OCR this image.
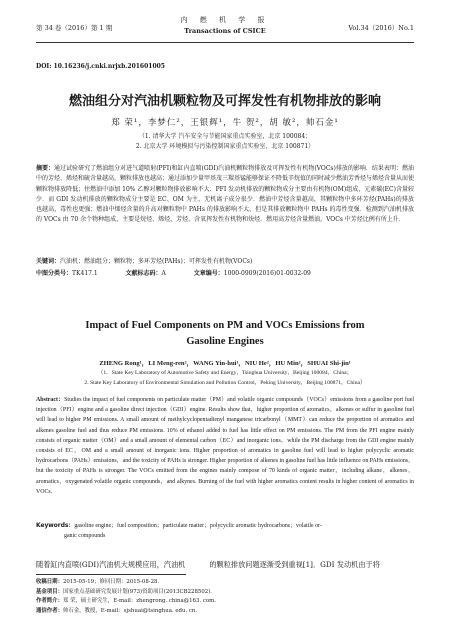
第 34 卷（2016）第 1 期
内 燃 机 学 报
Transactions of CSICE	Vol.34（2016）No.1
DOI: 10.16236/j.cnki.nrjxb.201601005
燃油组分对汽油机颗粒物及可挥发性有机物排放的影响
郑 荣¹，李梦仁²，王银辉¹，牛 贺²，胡 敏²，帅石金¹
（1. 清华大学 汽车安全与节能国家重点实验室，北京 100084；
2. 北京大学 环境模拟与污染控制国家重点实验室，北京 100871）
摘要：通过试验研究了燃油组分对进气道喷射(PFI)和缸内直喷(GDI)汽油机颗粒物排放及可挥发性有机物(VOCs)排放的影响．结果表明：燃油中的芳烃、烯烃和硫含量越高，颗粒排放也越高；通过添加少量甲基茂三羰基锰能够保证不降低辛烷值的同时减少燃油芳香烃与烯烃含量从而使颗粒物排放降低；往燃油中添加 10% 乙醇对颗粒物排放影响不大．PFI 发动机排放的颗粒物成分主要由有机物(OM)组成，元素碳(EC)含量较少．而 GDI 发动机排放的颗粒物成分主要是 EC、OM 为主，无机离子成分很少．燃油中芳烃含量越高，其颗粒物中多环芳烃(PAHs)的排放也越高，毒性也更强；燃油中烯烃含量的升高对颗粒物中 PAHs 的排放影响不大，但是其排放颗粒物中 PAHs 的毒性变强．检测到汽油机排放的 VOCs 由 70 余个物种组成，主要是烷烃、烯烃、芳烃、含氧挥发性有机物和炔烃．燃用高芳烃含量燃油，VOCs 中芳烃比例有所上升．
关键词：汽油机；燃油组分；颗粒物；多环芳烃(PAHs)；可挥发性有机物(VOCs)
中图分类号：TK417.1	文献标志码：A	文章编号：1000-0909(2016)01-0032-09
Impact of Fuel Components on PM and VOCs Emissions from
Gasoline Engines
ZHENG Rong¹，LI Meng-ren²，WANG Yin-hui¹，NIU He²，HU Min²，SHUAI Shi-jin¹
（1．State Key Laboratory of Automotive Safety and Energy，Tsinghua University，Beijing 100084，China；
2. State Key Laboratory of Environmental Simulation and Pollution Control，Peking University，Beijing 100871，China）
Abstract：Studies the impact of fuel components on particulate matter（PM）and volatile organic compounds（VOCs）emissions from a gasoline port fuel injection（PFI）engine and a gasoline direct injection（GDI）engine. Results show that，higher proportion of aromatics，alkenes or sulfur in gasoline fuel will lead to higher PM emissions. A small amount of methylcyclopentadienyl manganese tricarbonyl（MMT）can reduce the proportion of aromatics and alkenes gasoline fuel and thus reduce PM emissions. 10% of ethanol added to fuel has little effect on PM emissions. The PM from the PFI engine mainly consists of organic matter（OM）and a small amount of elemental carbon（EC）and inorganic ions，while the PM discharge from the GDI engine mainly consists of EC，OM and a small amount of inorganic ions. Higher proportion of aromatics in gasoline fuel will lead to higher polycyclic aromatic hydrocarbons（PAHs）emissions，and the toxicity of PAHs is stronger. Higher proportion of alkenes in gasoline fuel has little influence on PAHs emissions，but the toxicity of PAHs is stronger. The VOCs emitted from the engines mainly compose of 70 kinds of organic matter，including alkane，alkenes，aromatics，oxygenated volatile organic compounds，and alkynes. Burning of the fuel with higher aromatics content results in higher content of aromatics in VOCs.
Keywords：gasoline engine；fuel composition；particulate matter；polycyclic aromatic hydrocarbons；volatile or-
ganic compounds
随着缸内直喷(GDI)汽油机大规模应用，汽油机	的颗粒排放问题逐渐受到重视[1]．GDI 发动机由于将
收稿日期：2015-05-19；修回日期：2015-08-28.
基金项目：国家重点基础研究发展计划(973)资助项目(2013CB228502)．
作者简介：郑 荣，硕士研究生，E-mail：zhengrong. china@163. com.
通信作者：帅石金，教授，E-mail：sjshuai@tsinghua. edu. cn.
